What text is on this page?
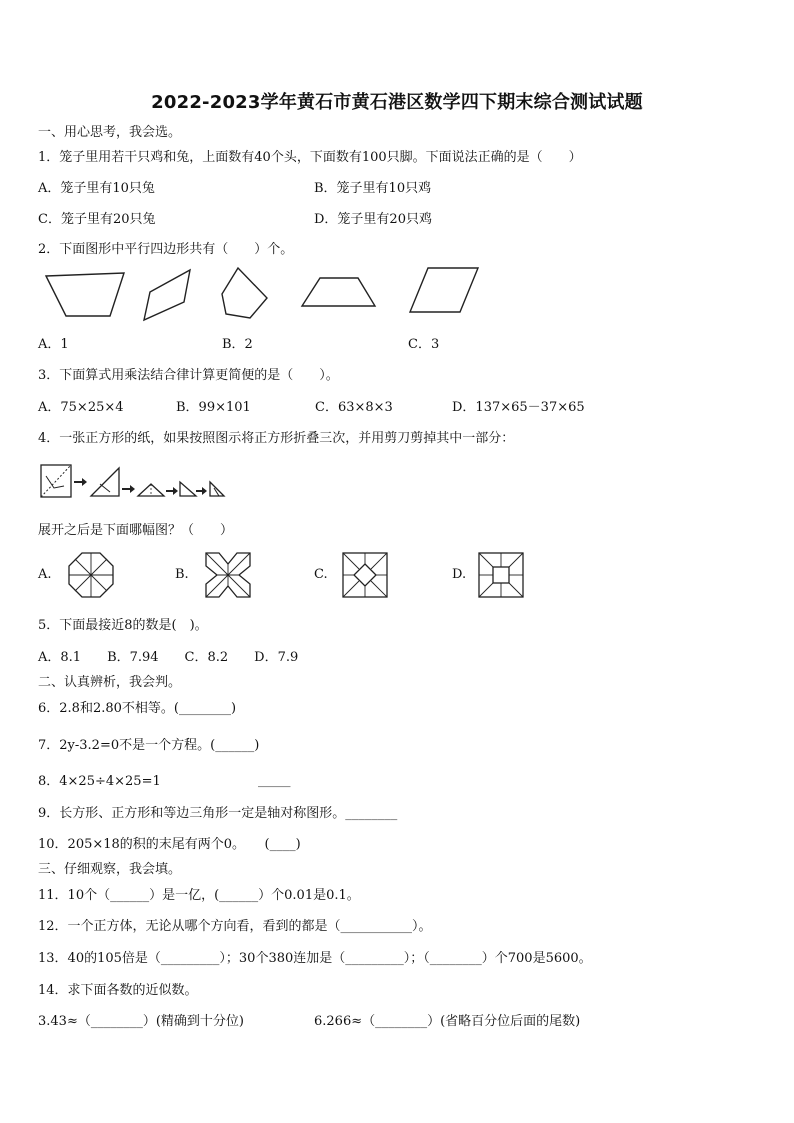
2022-2023学年黄石市黄石港区数学四下期末综合测试试题
一、用心思考，我会选。
1．笼子里用若干只鸡和兔，上面数有40个头，下面数有100只脚。下面说法正确的是（　　）
A．笼子里有10只兔	B．笼子里有10只鸡
C．笼子里有20只兔	D．笼子里有20只鸡
2．下面图形中平行四边形共有（　　）个。
A．1	B．2	C．3
3．下面算式用乘法结合律计算更简便的是（　　）。
A．75×25×4	B．99×101	C．63×8×3	D．137×65－37×65
4．一张正方形的纸，如果按照图示将正方形折叠三次，并用剪刀剪掉其中一部分：
展开之后是下面哪幅图？（　　）
A.	B.	C.	D.
5．下面最接近8的数是(　)。
A．8.1　　B．7.94　　C．8.2　　D．7.9
二、认真辨析，我会判。
6．2.8和2.80不相等。(________)
7．2y-3.2=0不是一个方程。(______)
8．4×25÷4×25=1	_____
9．长方形、正方形和等边三角形一定是轴对称图形。________
10．205×18的积的末尾有两个0。　　(____)
三、仔细观察，我会填。
11．10个（______）是一亿，(______）个0.01是0.1。
12．一个正方体，无论从哪个方向看，看到的都是（___________）。
13．40的105倍是（_________）；30个380连加是（_________）；（________）个700是5600。
14．求下面各数的近似数。
3.43≈（________）(精确到十分位)	6.266≈（________）(省略百分位后面的尾数)
